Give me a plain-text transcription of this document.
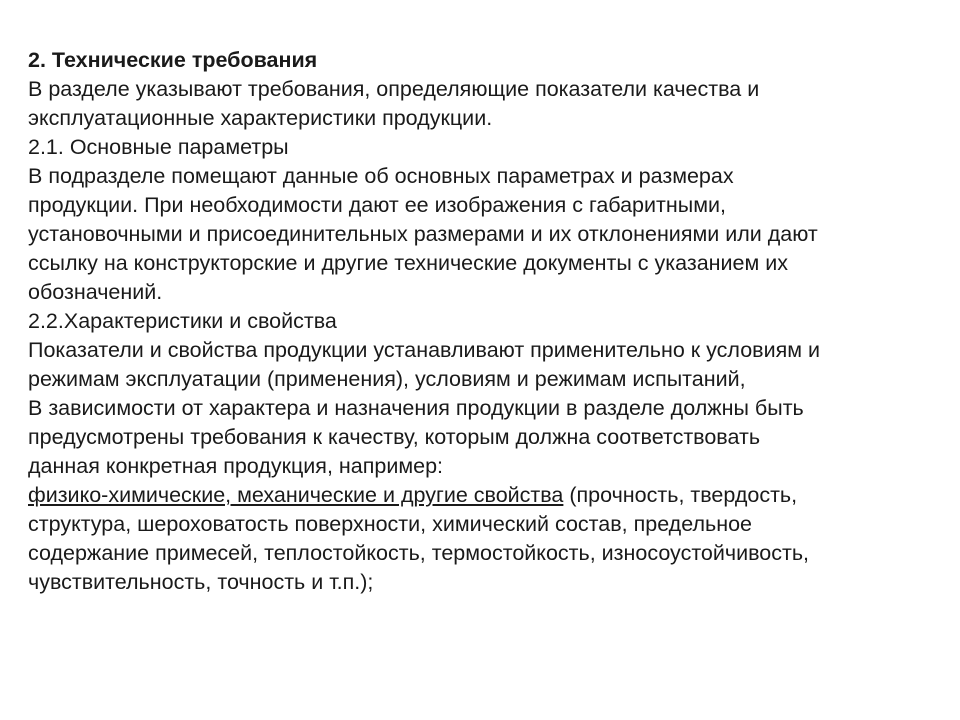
2. Технические требования
В разделе указывают требования, определяющие показатели качества и
эксплуатационные характеристики продукции.
2.1. Основные параметры
В подразделе помещают данные об основных параметрах и размерах
продукции. При необходимости дают ее изображения с габаритными,
установочными и присоединительных размерами и их отклонениями или дают
ссылку на конструкторские и другие технические документы с указанием их
обозначений.
2.2.Характеристики и свойства
Показатели и свойства продукции устанавливают применительно к условиям и
режимам эксплуатации (применения), условиям и режимам испытаний,
В зависимости от характера и назначения продукции в разделе должны быть
предусмотрены требования к качеству, которым должна соответствовать
данная конкретная продукция, например:
физико-химические, механические и другие свойства (прочность, твердость,
структура, шероховатость поверхности, химический состав, предельное
содержание примесей, теплостойкость, термостойкость, износоустойчивость,
чувствительность, точность и т.п.);
